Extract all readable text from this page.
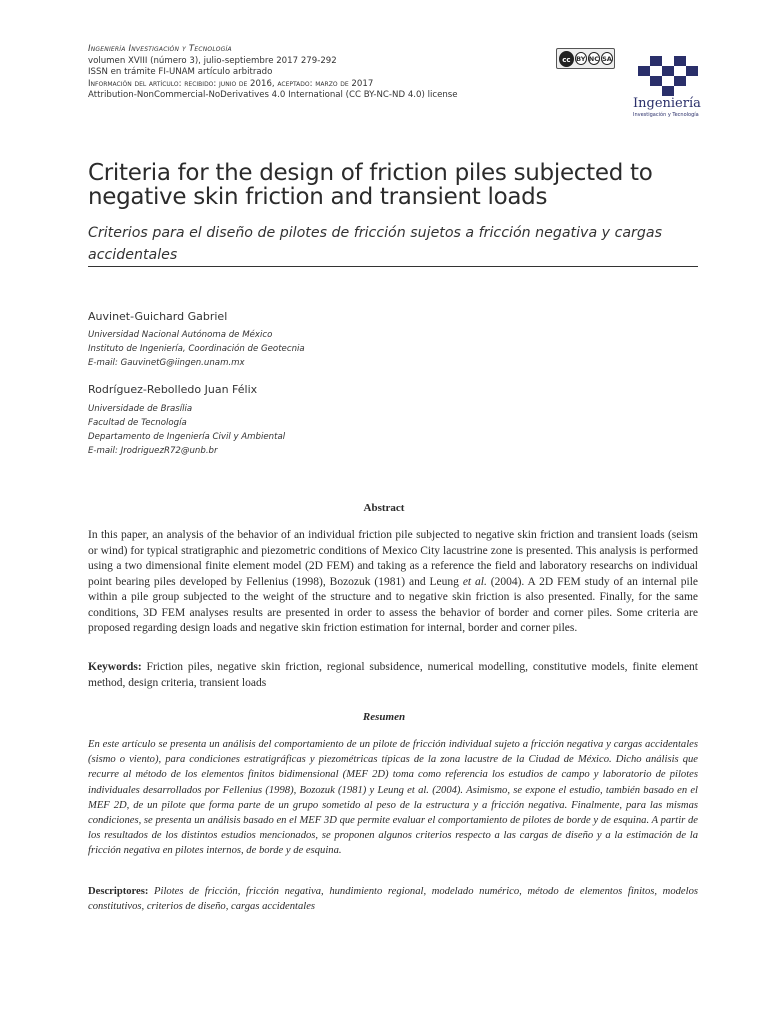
Ingeniería Investigación y Tecnología
volumen XVIII (número 3), julio-septiembre 2017 279-292
ISSN en trámite FI-UNAM artículo arbitrado
Información del artículo: recibido: junio de 2016, aceptado: marzo de 2017
Attribution-NonCommercial-NoDerivatives 4.0 International (CC BY-NC-ND 4.0) license
cc BY NC SA
Ingeniería
Investigación y Tecnología
Criteria for the design of friction piles subjected to negative skin friction and transient loads
Criterios para el diseño de pilotes de fricción sujetos a fricción negativa y cargas accidentales
Auvinet-Guichard Gabriel
Universidad Nacional Autónoma de México
Instituto de Ingeniería, Coordinación de Geotecnia
E-mail: GauvinetG@iingen.unam.mx
Rodríguez-Rebolledo Juan Félix
Universidade de Brasília
Facultad de Tecnología
Departamento de Ingeniería Civil y Ambiental
E-mail: JrodriguezR72@unb.br
Abstract
In this paper, an analysis of the behavior of an individual friction pile subjected to negative skin friction and transient loads (seism or wind) for typical stratigraphic and piezometric conditions of Mexico City lacustrine zone is presented. This analysis is performed using a two dimensional finite element model (2D FEM) and taking as a reference the field and laboratory researchs on individual point bearing piles developed by Fellenius (1998), Bozozuk (1981) and Leung et al. (2004). A 2D FEM study of an internal pile within a pile group subjected to the weight of the structure and to negative skin friction is also presented. Finally, for the same conditions, 3D FEM analyses results are presented in order to assess the behavior of border and corner piles. Some criteria are proposed regarding design loads and negative skin friction estimation for internal, border and corner piles.
Keywords: Friction piles, negative skin friction, regional subsidence, numerical modelling, constitutive models, finite element method, design criteria, transient loads
Resumen
En este artículo se presenta un análisis del comportamiento de un pilote de fricción individual sujeto a fricción negativa y cargas accidentales (sismo o viento), para condiciones estratigráficas y piezométricas típicas de la zona lacustre de la Ciudad de México. Dicho análisis que recurre al método de los elementos finitos bidimensional (MEF 2D) toma como referencia los estudios de campo y laboratorio de pilotes individuales desarrollados por Fellenius (1998), Bozozuk (1981) y Leung et al. (2004). Asimismo, se expone el estudio, también basado en el MEF 2D, de un pilote que forma parte de un grupo sometido al peso de la estructura y a fricción negativa. Finalmente, para las mismas condiciones, se presenta un análisis basado en el MEF 3D que permite evaluar el comportamiento de pilotes de borde y de esquina. A partir de los resultados de los distintos estudios mencionados, se proponen algunos criterios respecto a las cargas de diseño y a la estimación de la fricción negativa en pilotes internos, de borde y de esquina.
Descriptores: Pilotes de fricción, fricción negativa, hundimiento regional, modelado numérico, método de elementos finitos, modelos constitutivos, criterios de diseño, cargas accidentales
